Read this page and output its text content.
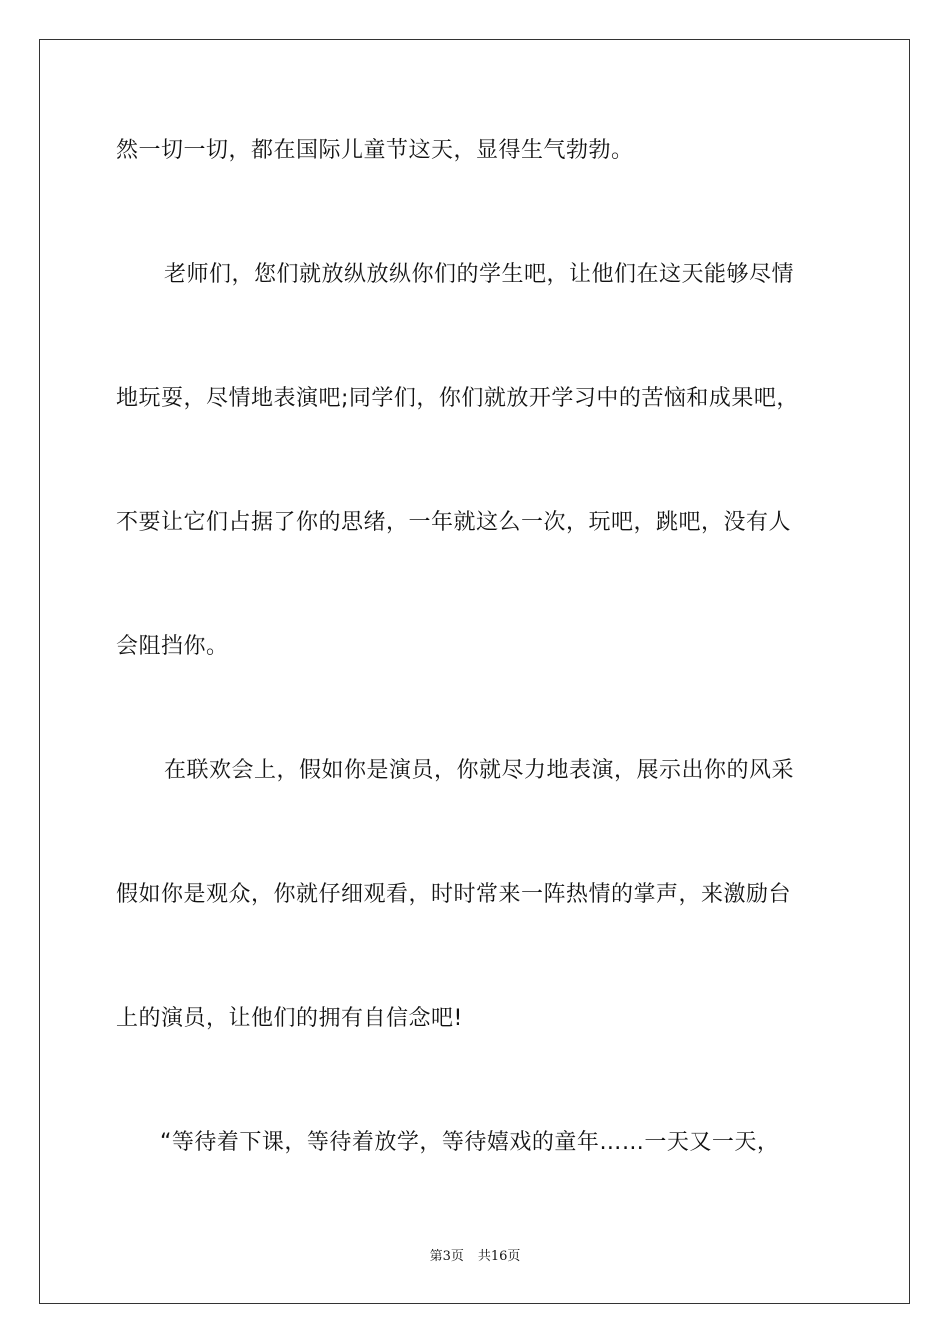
然一切一切，都在国际儿童节这天，显得生气勃勃。
老师们，您们就放纵放纵你们的学生吧，让他们在这天能够尽情
地玩耍，尽情地表演吧;同学们，你们就放开学习中的苦恼和成果吧，
不要让它们占据了你的思绪，一年就这么一次，玩吧，跳吧，没有人
会阻挡你。
在联欢会上，假如你是演员，你就尽力地表演，展示出你的风采
假如你是观众，你就仔细观看，时时常来一阵热情的掌声，来激励台
上的演员，让他们的拥有自信念吧!
“等待着下课，等待着放学，等待嬉戏的童年……一天又一天，
第3页 共16页
